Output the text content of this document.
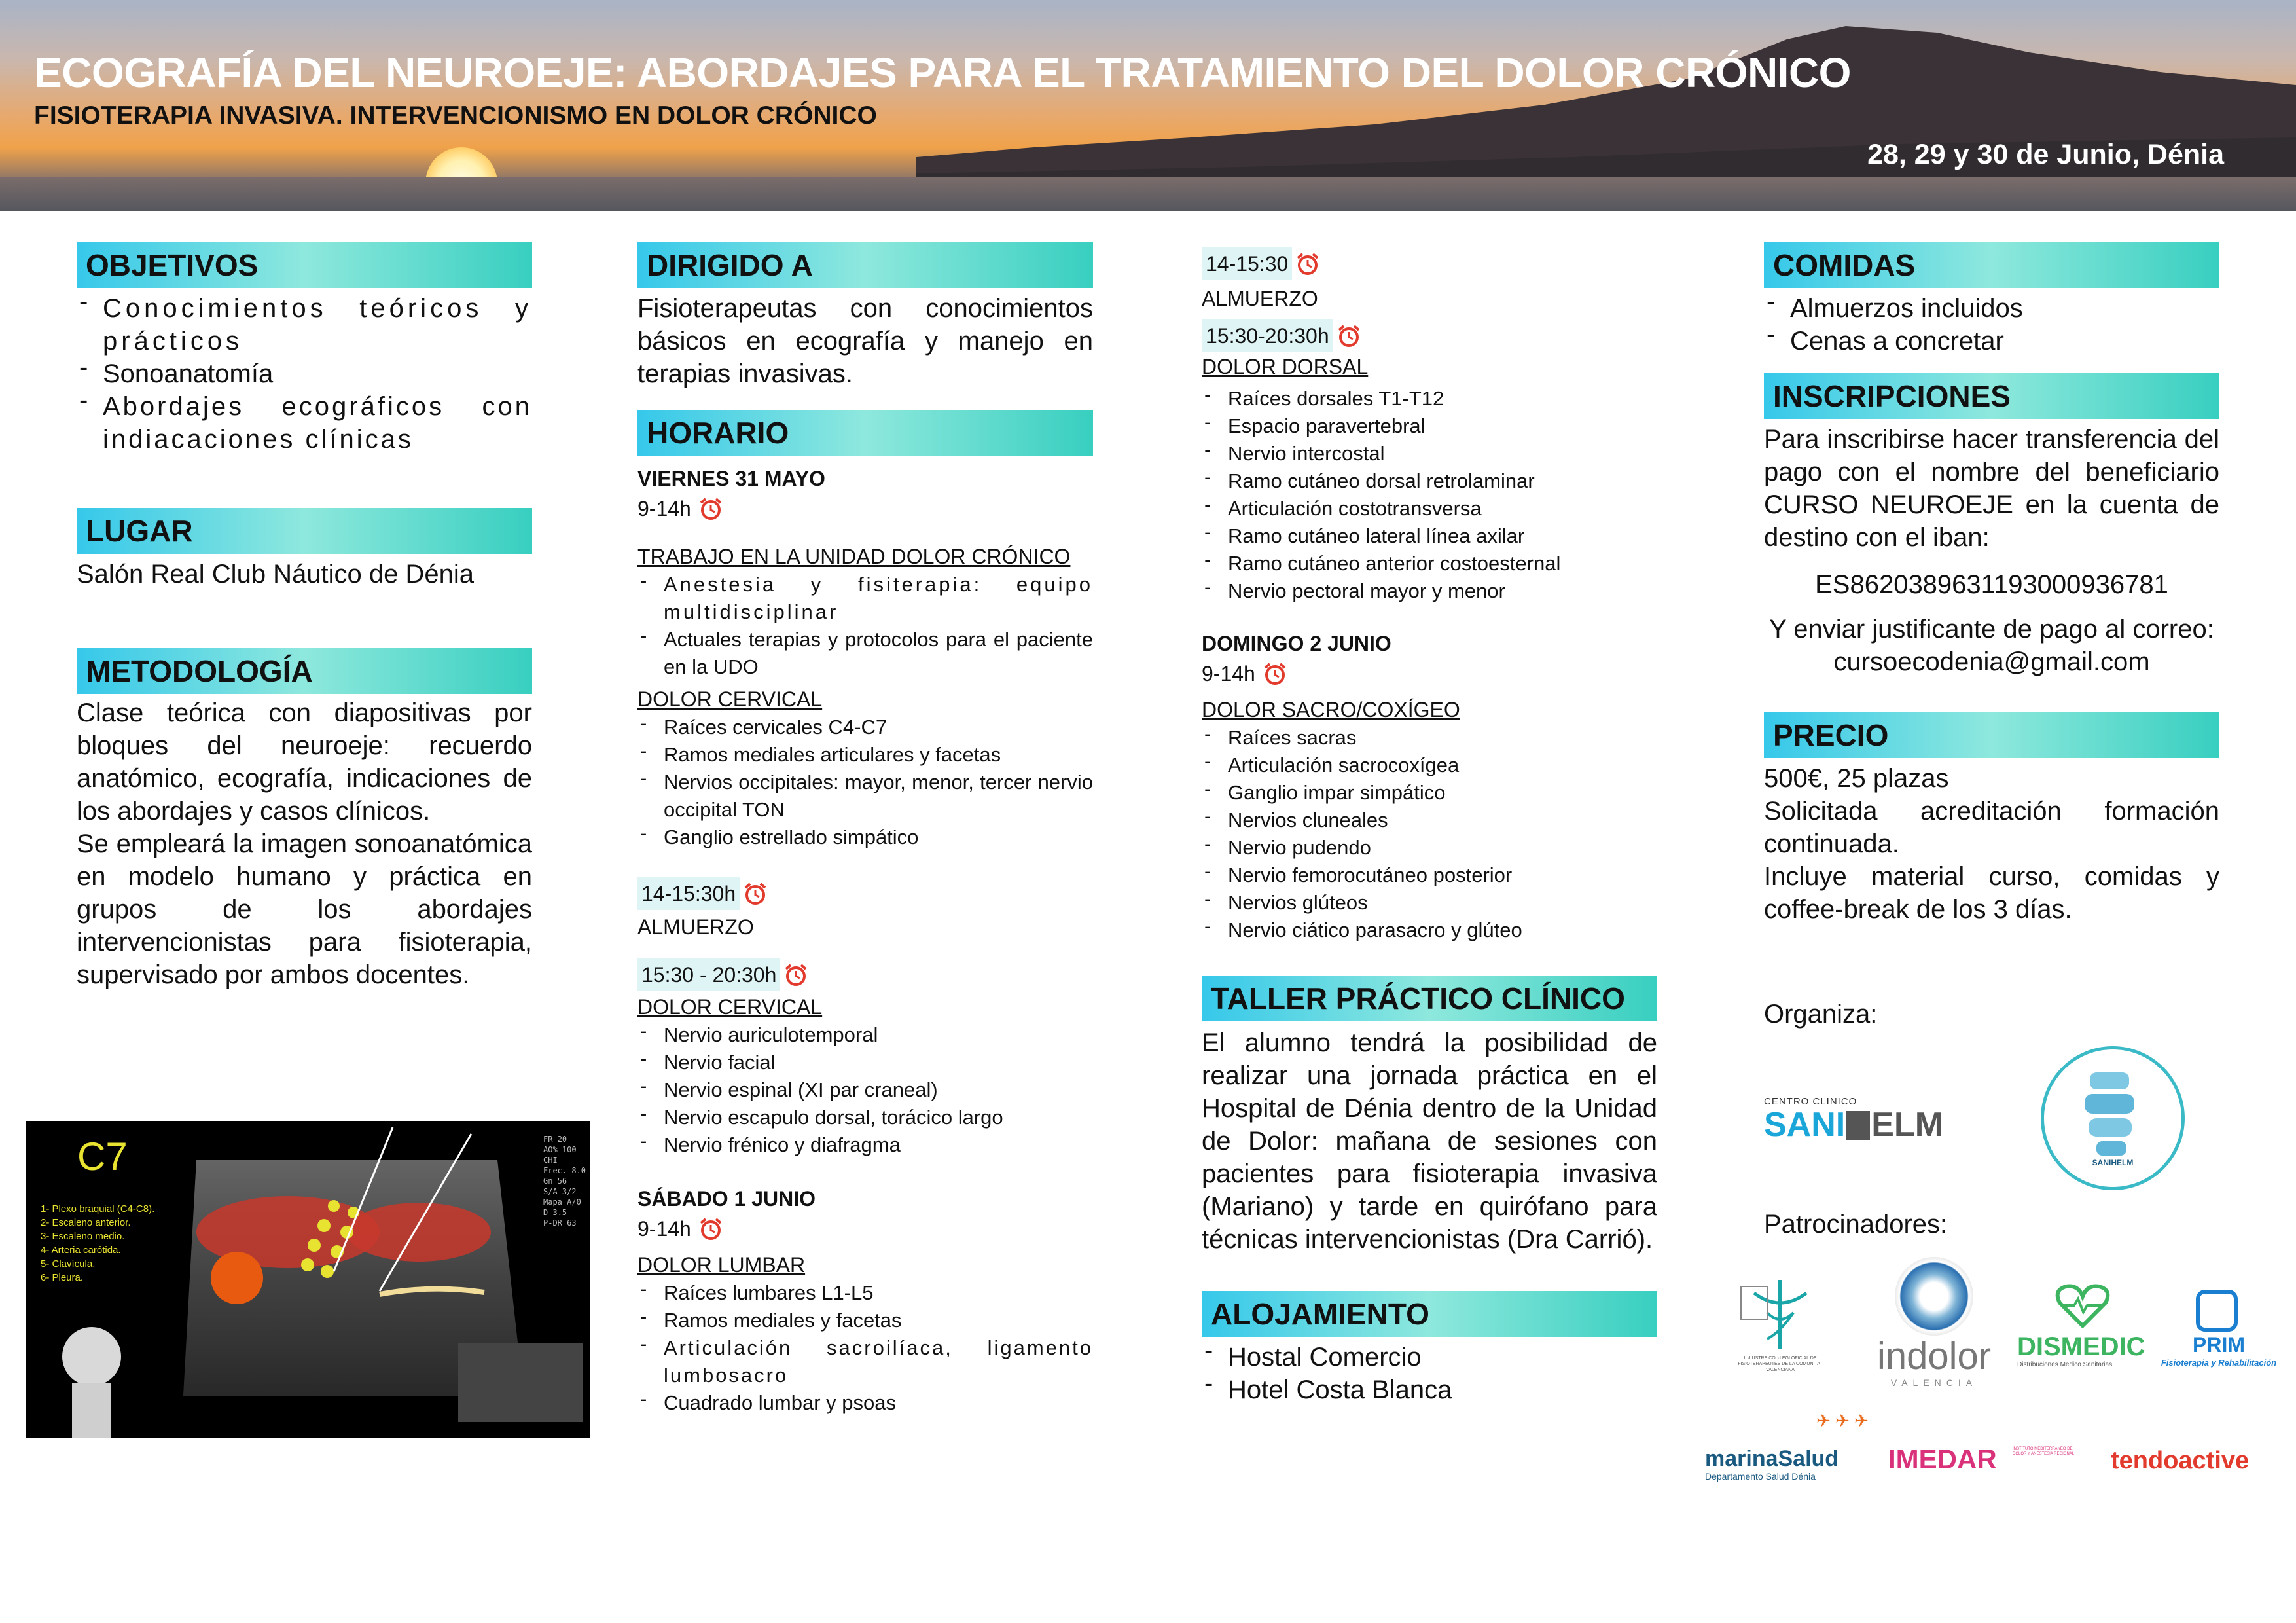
ECOGRAFÍA DEL NEUROEJE: ABORDAJES PARA EL TRATAMIENTO DEL DOLOR CRÓNICO
FISIOTERAPIA INVASIVA. INTERVENCIONISMO EN DOLOR CRÓNICO
28, 29 y 30 de Junio, Dénia
OBJETIVOS
- Conocimientos teóricos y prácticos
- Sonoanatomía
- Abordajes ecográficos con indiacaciones clínicas
LUGAR
Salón Real Club Náutico de Dénia
METODOLOGÍA
Clase teórica con diapositivas por bloques del neuroeje: recuerdo anatómico, ecografía, indicaciones de los abordajes y casos clínicos.
Se empleará la imagen sonoanatómica en modelo humano y práctica en grupos de los abordajes intervencionistas para fisioterapia, supervisado por ambos docentes.
C7
1- Plexo braquial (C4-C8).
2- Escaleno anterior.
3- Escaleno medio.
4- Arteria carótida.
5- Clavícula.
6- Pleura.
FR 20
AO% 100
CHI
Frec. 8.0
Gn 56
S/A 3/2
Mapa A/0
D 3.5
P-DR 63
DIRIGIDO A
Fisioterapeutas con conocimientos básicos en ecografía y manejo en terapias invasivas.
HORARIO
VIERNES 31 MAYO
9-14h
TRABAJO EN LA UNIDAD DOLOR CRÓNICO
- Anestesia y fisiterapia: equipo multidisciplinar
- Actuales terapias y protocolos para el paciente en la UDO
DOLOR CERVICAL
- Raíces cervicales C4-C7
- Ramos mediales articulares y facetas
- Nervios occipitales: mayor, menor, tercer nervio occipital TON
- Ganglio estrellado simpático
14-15:30h
ALMUERZO
15:30 - 20:30h
DOLOR CERVICAL
- Nervio auriculotemporal
- Nervio facial
- Nervio espinal (XI par craneal)
- Nervio escapulo dorsal, torácico largo
- Nervio frénico y diafragma
SÁBADO 1 JUNIO
9-14h
DOLOR LUMBAR
- Raíces lumbares L1-L5
- Ramos mediales y facetas
- Articulación sacroilíaca, ligamento lumbosacro
- Cuadrado lumbar y psoas
14-15:30
ALMUERZO
15:30-20:30h
DOLOR DORSAL
- Raíces dorsales T1-T12
- Espacio paravertebral
- Nervio intercostal
- Ramo cutáneo dorsal retrolaminar
- Articulación costotransversa
- Ramo cutáneo lateral línea axilar
- Ramo cutáneo anterior costoesternal
- Nervio pectoral mayor y menor
DOMINGO 2 JUNIO
9-14h
DOLOR SACRO/COXÍGEO
- Raíces sacras
- Articulación sacrocoxígea
- Ganglio impar simpático
- Nervios cluneales
- Nervio pudendo
- Nervio femorocutáneo posterior
- Nervios glúteos
- Nervio ciático parasacro y glúteo
TALLER PRÁCTICO CLÍNICO
El alumno tendrá la posibilidad de realizar una jornada práctica en el Hospital de Dénia dentro de la Unidad de Dolor: mañana de sesiones con pacientes para fisioterapia invasiva (Mariano) y tarde en quirófano para técnicas intervencionistas (Dra Carrió).
ALOJAMIENTO
- Hostal Comercio
- Hotel Costa Blanca
COMIDAS
- Almuerzos incluidos
- Cenas a concretar
INSCRIPCIONES
Para inscribirse hacer transferencia del pago con el nombre del beneficiario CURSO NEUROEJE en la cuenta de destino con el iban:
ES8620389631193000936781
Y enviar justificante de pago al correo: cursoecodenia@gmail.com
PRECIO
500€, 25 plazas
Solicitada acreditación formación continuada.
Incluye material curso, comidas y coffee-break de los 3 días.
Organiza:
CENTRO CLINICO
SANI ELM
SANIHELM
Patrocinadores:
IL·LUSTRE COL·LEGI OFICIAL DE FISIOTERAPEUTES DE LA COMUNITAT VALENCIANA	indolor
VALENCIA
DISMEDIC
Distribuciones Medico Sanitarias
PRIM
Fisioterapia y Rehabilitación
✈ ✈ ✈
marinaSalud
Departamento Salud Dénia
IMEDAR	INSTITUTO MEDITERRÁNEO DE DOLOR Y ANESTESIA REGIONAL	tendoactive
